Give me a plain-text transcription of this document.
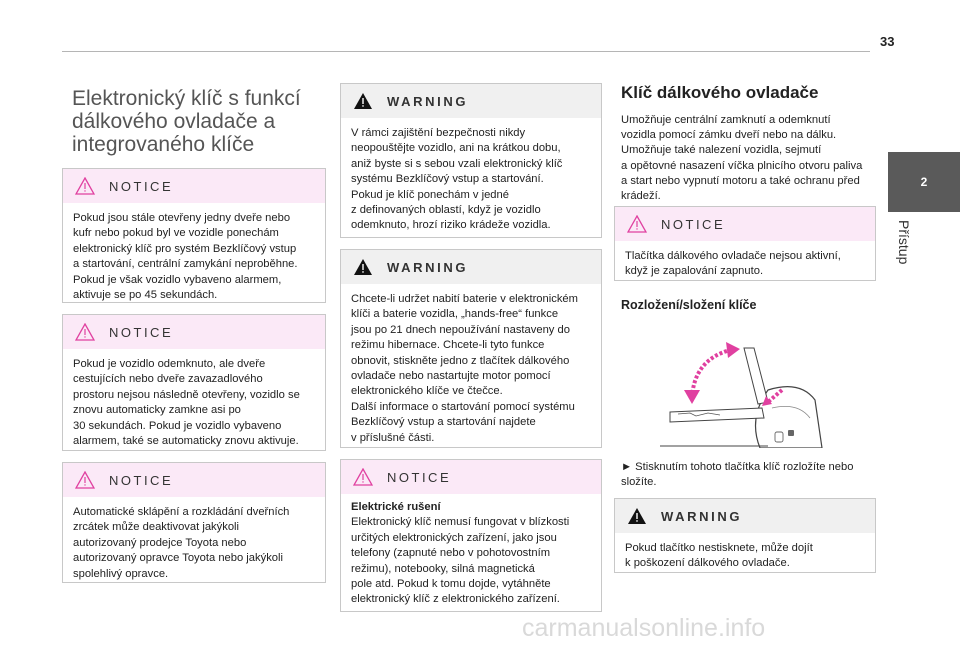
33
2
Přístup
Elektronický klíč s funkcí dálkového ovladače a integrovaného klíče
NOTICE
Pokud jsou stále otevřeny jedny dveře nebo
kufr nebo pokud byl ve vozidle ponechám
elektronický klíč pro systém Bezklíčový vstup
a startování, centrální zamykání neproběhne.
Pokud je však vozidlo vybaveno alarmem,
aktivuje se po 45 sekundách.
NOTICE
Pokud je vozidlo odemknuto, ale dveře
cestujících nebo dveře zavazadlového
prostoru nejsou následně otevřeny, vozidlo se
znovu automaticky zamkne asi po
30 sekundách. Pokud je vozidlo vybaveno
alarmem, také se automaticky znovu aktivuje.
NOTICE
Automatické sklápění a rozkládání dveřních
zrcátek může deaktivovat jakýkoli
autorizovaný prodejce Toyota nebo
autorizovaný opravce Toyota nebo jakýkoli
spolehlivý opravce.
WARNING
V rámci zajištění bezpečnosti nikdy
neopouštějte vozidlo, ani na krátkou dobu,
aniž byste si s sebou vzali elektronický klíč
systému Bezklíčový vstup a startování.
Pokud je klíč ponechám v jedné
z definovaných oblastí, když je vozidlo
odemknuto, hrozí riziko krádeže vozidla.
WARNING
Chcete-li udržet nabití baterie v elektronickém
klíči a baterie vozidla, „hands-free“ funkce
jsou po 21 dnech nepoužívání nastaveny do
režimu hibernace. Chcete-li tyto funkce
obnovit, stiskněte jedno z tlačítek dálkového
ovladače nebo nastartujte motor pomocí
elektronického klíče ve čtečce.
Další informace o startování pomocí systému
Bezklíčový vstup a startování najdete
v příslušné části.
NOTICE
Elektrické rušení
Elektronický klíč nemusí fungovat v blízkosti
určitých elektronických zařízení, jako jsou
telefony (zapnuté nebo v pohotovostním
režimu), notebooky, silná magnetická
pole atd. Pokud k tomu dojde, vytáhněte
elektronický klíč z elektronického zařízení.
Klíč dálkového ovladače
Umožňuje centrální zamknutí a odemknutí
vozidla pomocí zámku dveří nebo na dálku.
Umožňuje také nalezení vozidla, sejmutí
a opětovné nasazení víčka plnicího otvoru paliva
a start nebo vypnutí motoru a také ochranu před
krádeží.
NOTICE
Tlačítka dálkového ovladače nejsou aktivní,
když je zapalování zapnuto.
Rozložení/složení klíče
► Stisknutím tohoto tlačítka klíč rozložíte nebo složíte.
WARNING
Pokud tlačítko nestisknete, může dojít
k poškození dálkového ovladače.
carmanualsonline.info
